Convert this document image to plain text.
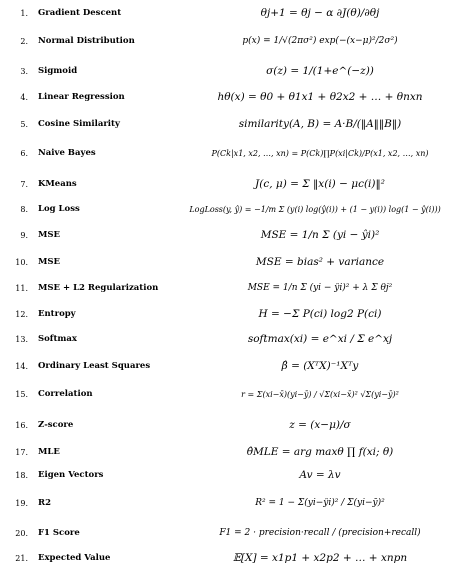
1. Gradient Descent	θj+1 = θj − α ∂J(θ)/∂θj
2. Normal Distribution	p(x) = 1/√(2πσ²) exp(−(x−μ)²/2σ²)
3. Sigmoid	σ(z) = 1/(1+e^(−z))
4. Linear Regression	hθ(x) = θ0 + θ1x1 + θ2x2 + … + θnxn
5. Cosine Similarity	similarity(A, B) = A·B/(‖A‖‖B‖)
6. Naive Bayes	P(Ck|x1, x2, …, xn) = P(Ck)∏P(xi|Ck)/P(x1, x2, …, xn)
7. KMeans	J(c, μ) = Σ ‖x(i) − μc(i)‖²
8. Log Loss	LogLoss(y, ŷ) = −1/m Σ (y(i) log(ŷ(i)) + (1 − y(i)) log(1 − ŷ(i)))
9. MSE	MSE = 1/n Σ (yi − ŷi)²
10. MSE	MSE = bias² + variance
11. MSE + L2 Regularization	MSE = 1/n Σ (yi − ŷi)² + λ Σ θj²
12. Entropy	H = −Σ P(ci) log2 P(ci)
13. Softmax	softmax(xi) = e^xi / Σ e^xj
14. Ordinary Least Squares	β̂ = (XᵀX)⁻¹Xᵀy
15. Correlation	r = Σ(xi−x̄)(yi−ȳ) / √Σ(xi−x̄)² √Σ(yi−ȳ)²
16. Z-score	z = (x−μ)/σ
17. MLE	θ̂MLE = arg maxθ ∏ f(xi; θ)
18. Eigen Vectors	Av = λv
19. R2	R² = 1 − Σ(yi−ŷi)² / Σ(yi−ȳ)²
20. F1 Score	F1 = 2 · precision·recall / (precision+recall)
21. Expected Value	𝔼[X] = x1p1 + x2p2 + … + xnpn
